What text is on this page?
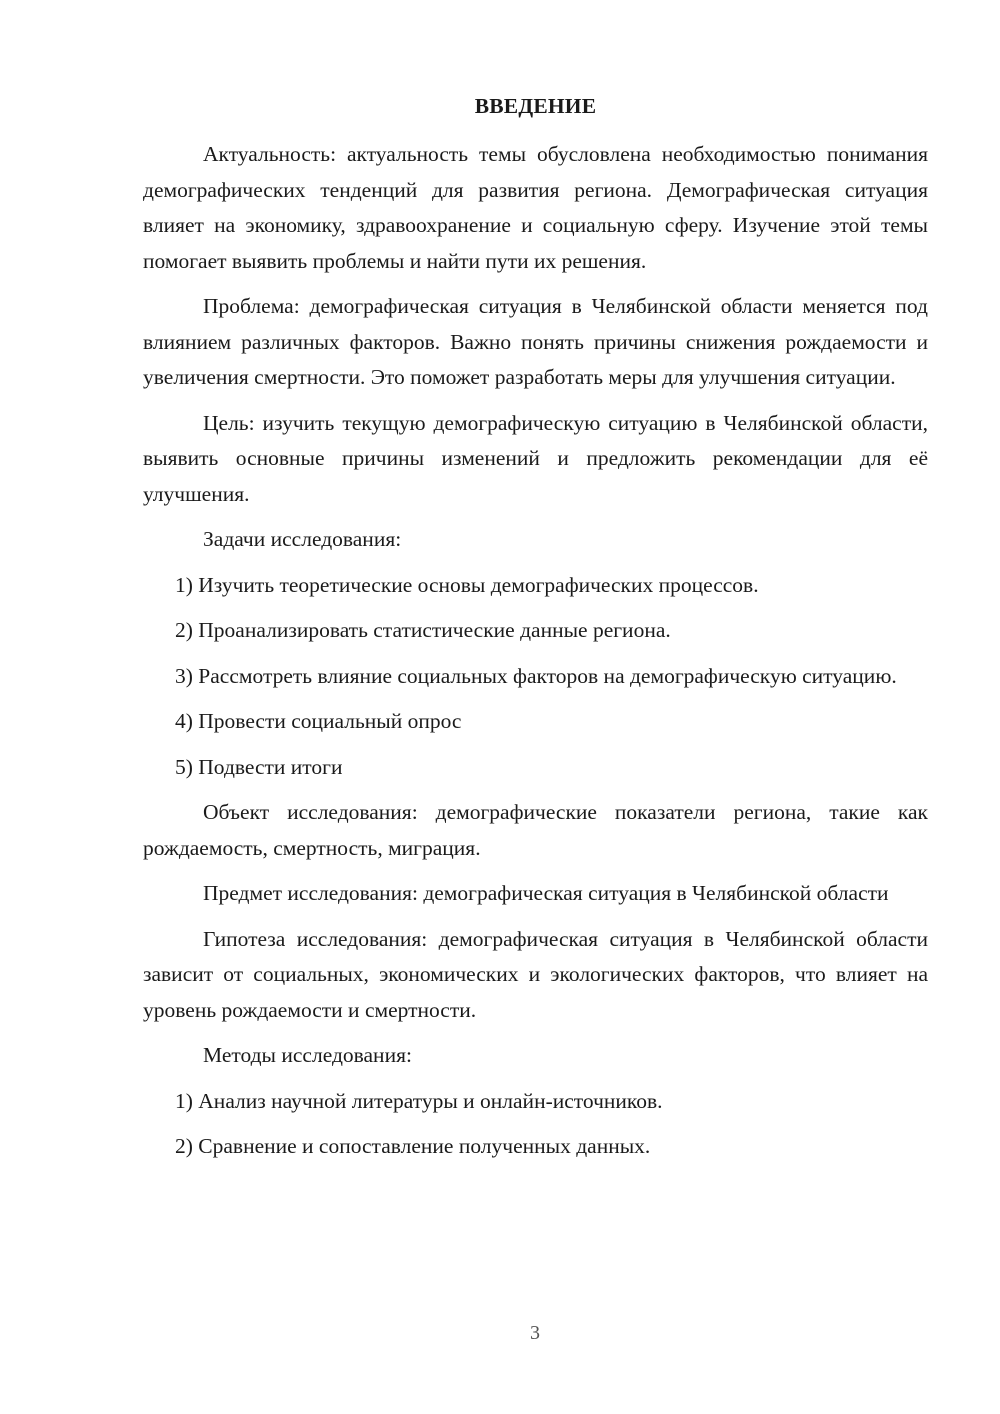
ВВЕДЕНИЕ

Актуальность: актуальность темы обусловлена необходимостью понимания демографических тенденций для развития региона. Демографическая ситуация влияет на экономику, здравоохранение и социальную сферу. Изучение этой темы помогает выявить проблемы и найти пути их решения.

Проблема: демографическая ситуация в Челябинской области меняется под влиянием различных факторов. Важно понять причины снижения рождаемости и увеличения смертности. Это поможет разработать меры для улучшения ситуации.

Цель: изучить текущую демографическую ситуацию в Челябинской области, выявить основные причины изменений и предложить рекомендации для её улучшения.

Задачи исследования:

1) Изучить теоретические основы демографических процессов.

2) Проанализировать статистические данные региона.

3) Рассмотреть влияние социальных факторов на демографическую ситуацию.

4) Провести социальный опрос

5) Подвести итоги

Объект исследования: демографические показатели региона, такие как рождаемость, смертность, миграция.

Предмет исследования: демографическая ситуация в Челябинской области

Гипотеза исследования: демографическая ситуация в Челябинской области зависит от социальных, экономических и экологических факторов, что влияет на уровень рождаемости и смертности.

Методы исследования:

1) Анализ научной литературы и онлайн-источников.

2) Сравнение и сопоставление полученных данных.

3
